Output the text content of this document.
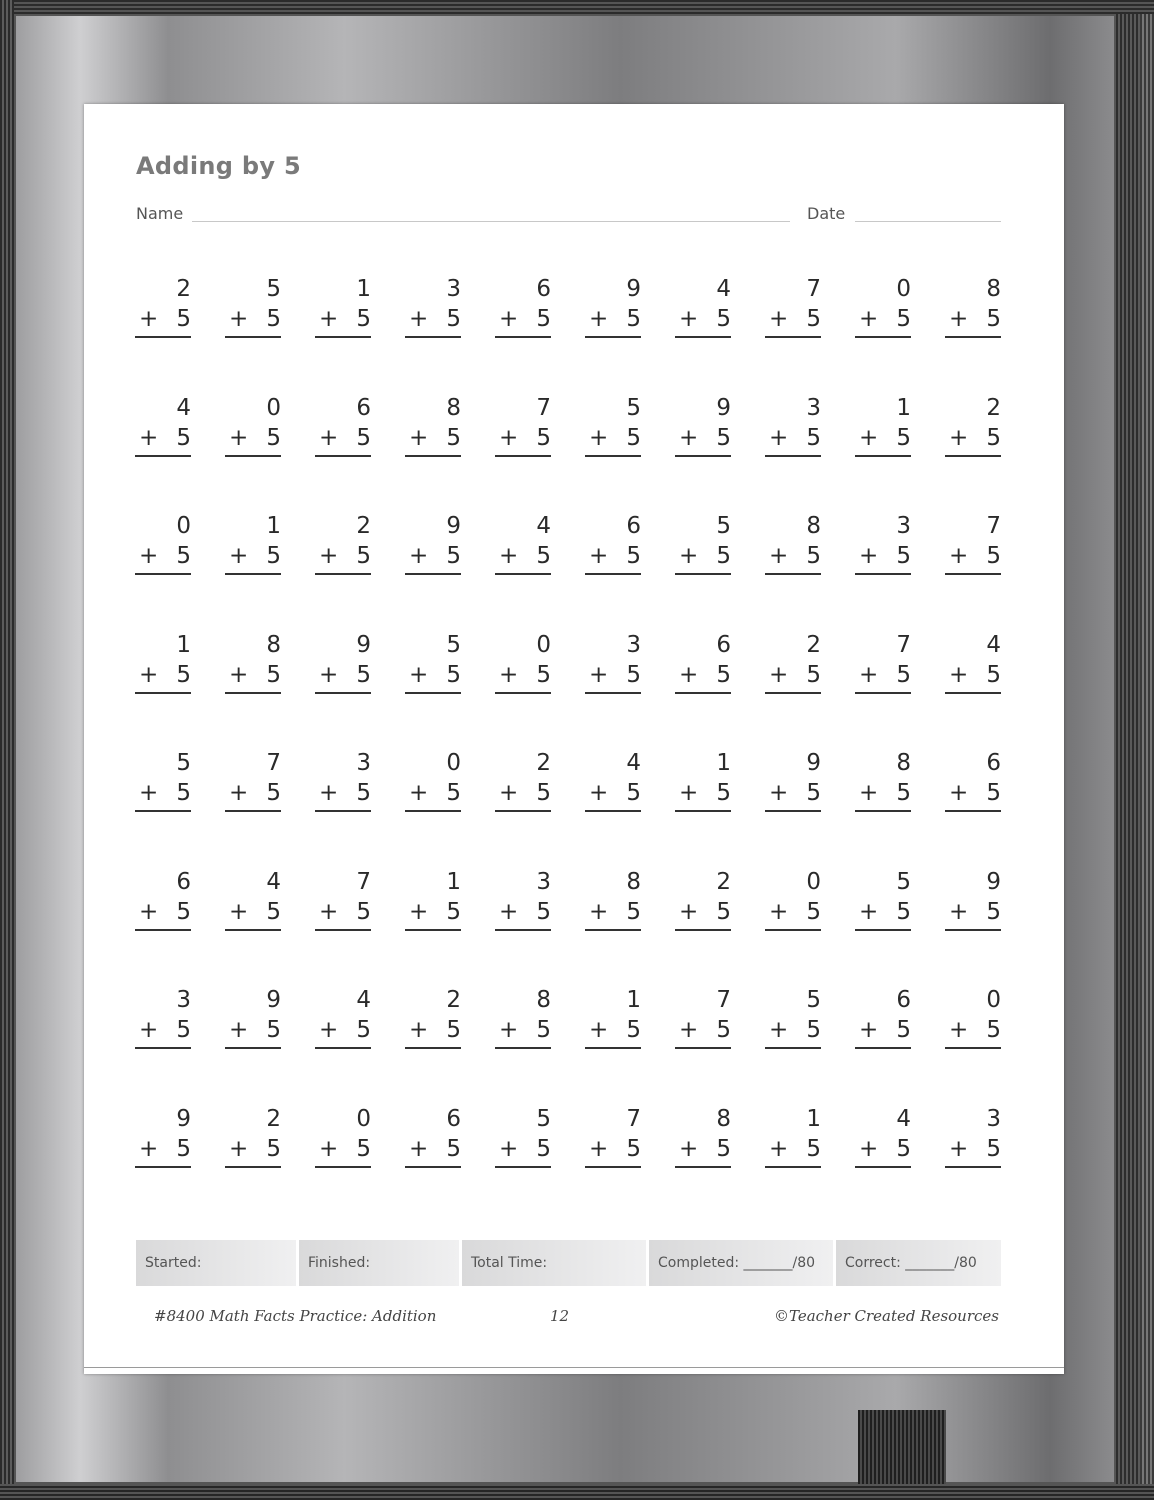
Adding by 5
Name	Date
2
+ 5
5
+ 5
1
+ 5
3
+ 5
6
+ 5
9
+ 5
4
+ 5
7
+ 5
0
+ 5
8
+ 5
4
+ 5
0
+ 5
6
+ 5
8
+ 5
7
+ 5
5
+ 5
9
+ 5
3
+ 5
1
+ 5
2
+ 5
0
+ 5
1
+ 5
2
+ 5
9
+ 5
4
+ 5
6
+ 5
5
+ 5
8
+ 5
3
+ 5
7
+ 5
1
+ 5
8
+ 5
9
+ 5
5
+ 5
0
+ 5
3
+ 5
6
+ 5
2
+ 5
7
+ 5
4
+ 5
5
+ 5
7
+ 5
3
+ 5
0
+ 5
2
+ 5
4
+ 5
1
+ 5
9
+ 5
8
+ 5
6
+ 5
6
+ 5
4
+ 5
7
+ 5
1
+ 5
3
+ 5
8
+ 5
2
+ 5
0
+ 5
5
+ 5
9
+ 5
3
+ 5
9
+ 5
4
+ 5
2
+ 5
8
+ 5
1
+ 5
7
+ 5
5
+ 5
6
+ 5
0
+ 5
9
+ 5
2
+ 5
0
+ 5
6
+ 5
5
+ 5
7
+ 5
8
+ 5
1
+ 5
4
+ 5
3
+ 5
Started:	Finished:	Total Time:	Completed: _______/80	Correct: _______/80
#8400 Math Facts Practice: Addition	12	©Teacher Created Resources
